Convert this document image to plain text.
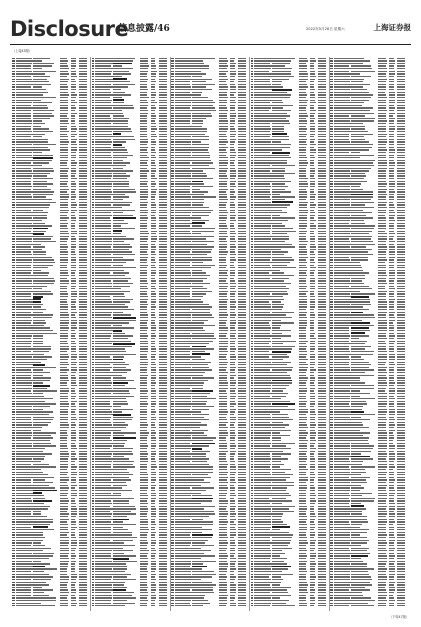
Disclosure
信息披露/46	2022年5月28日 星期六	上海证券报
（上接45版）
（下转47版）
